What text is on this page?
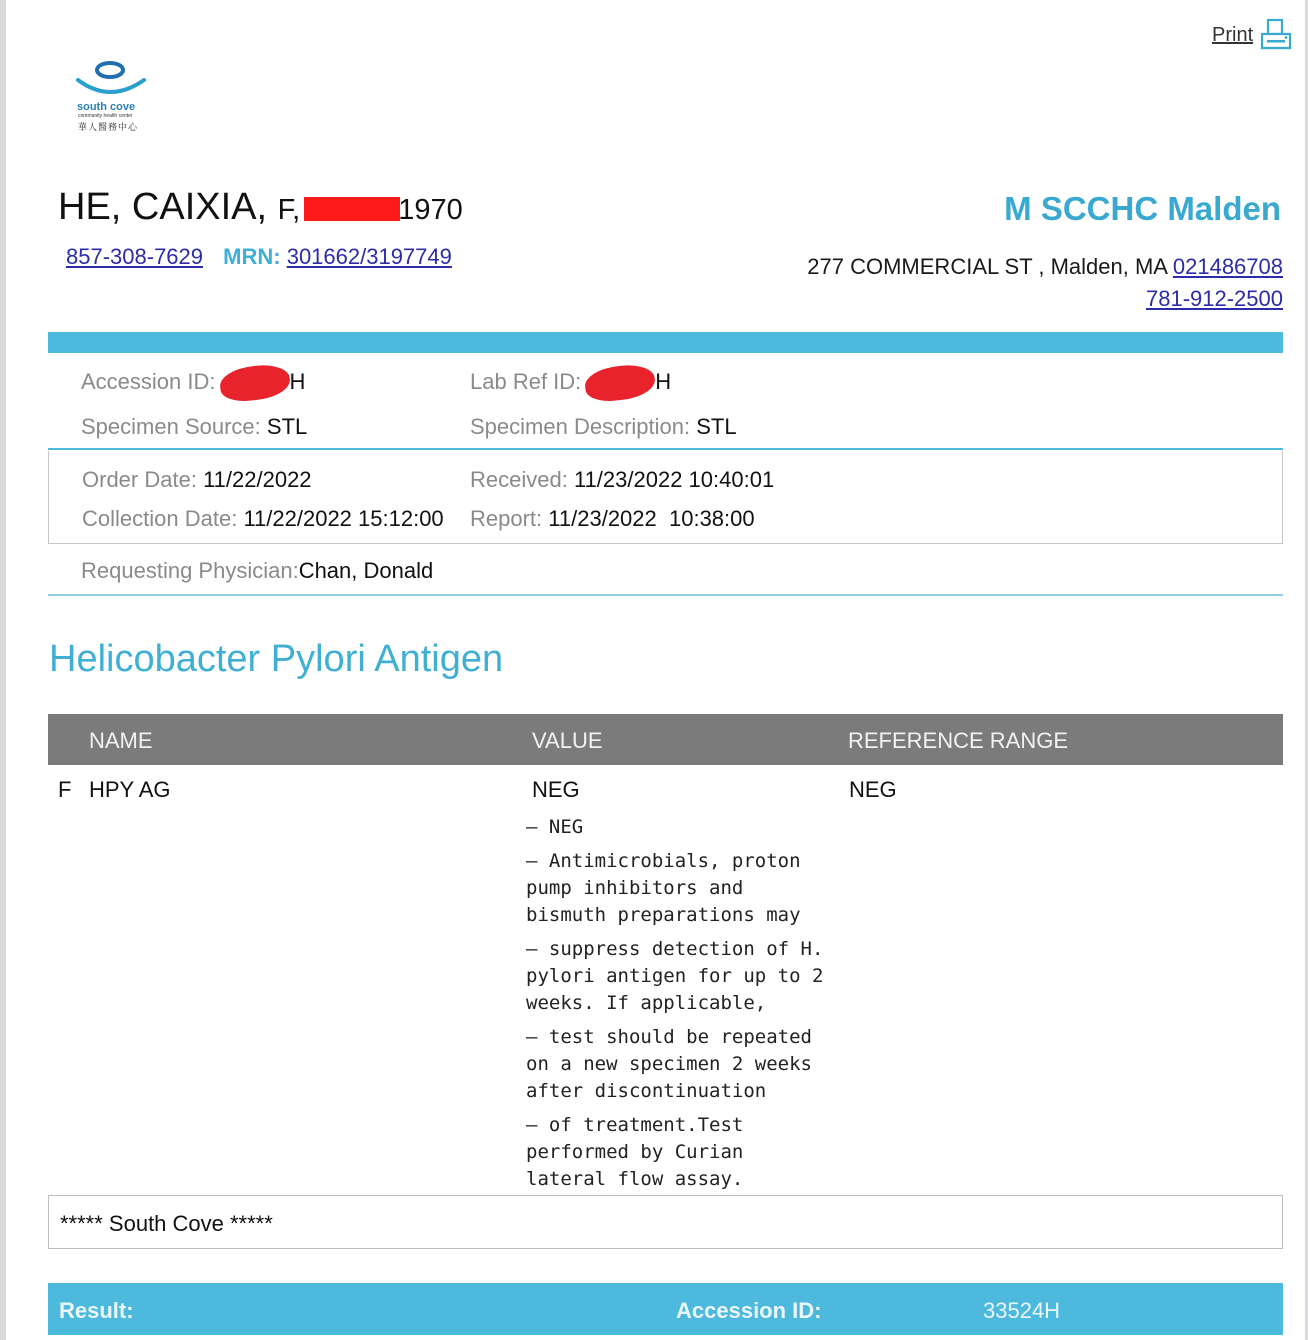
Print
south cove
community health center
華人醫務中心
HE, CAIXIA, F,	1970
857-308-7629 MRN: 301662/3197749
M SCCHC Malden
277 COMMERCIAL ST , Malden, MA 021486708
781-912-2500
Accession ID:	H	Lab Ref ID:	H
Specimen Source: STL	Specimen Description: STL
Order Date: 11/22/2022	Received: 11/23/2022 10:40:01
Collection Date: 11/22/2022 15:12:00 Report: 11/23/2022  10:38:00
Requesting Physician:Chan, Donald
Helicobacter Pylori Antigen
NAME	VALUE	REFERENCE RANGE
F HPY AG	NEG	NEG
– NEG
– Antimicrobials, proton
pump inhibitors and
bismuth preparations may
– suppress detection of H.
pylori antigen for up to 2
weeks. If applicable,
– test should be repeated
on a new specimen 2 weeks
after discontinuation
– of treatment.Test
performed by Curian
lateral flow assay.
***** South Cove *****
Result:	Accession ID:	33524H
